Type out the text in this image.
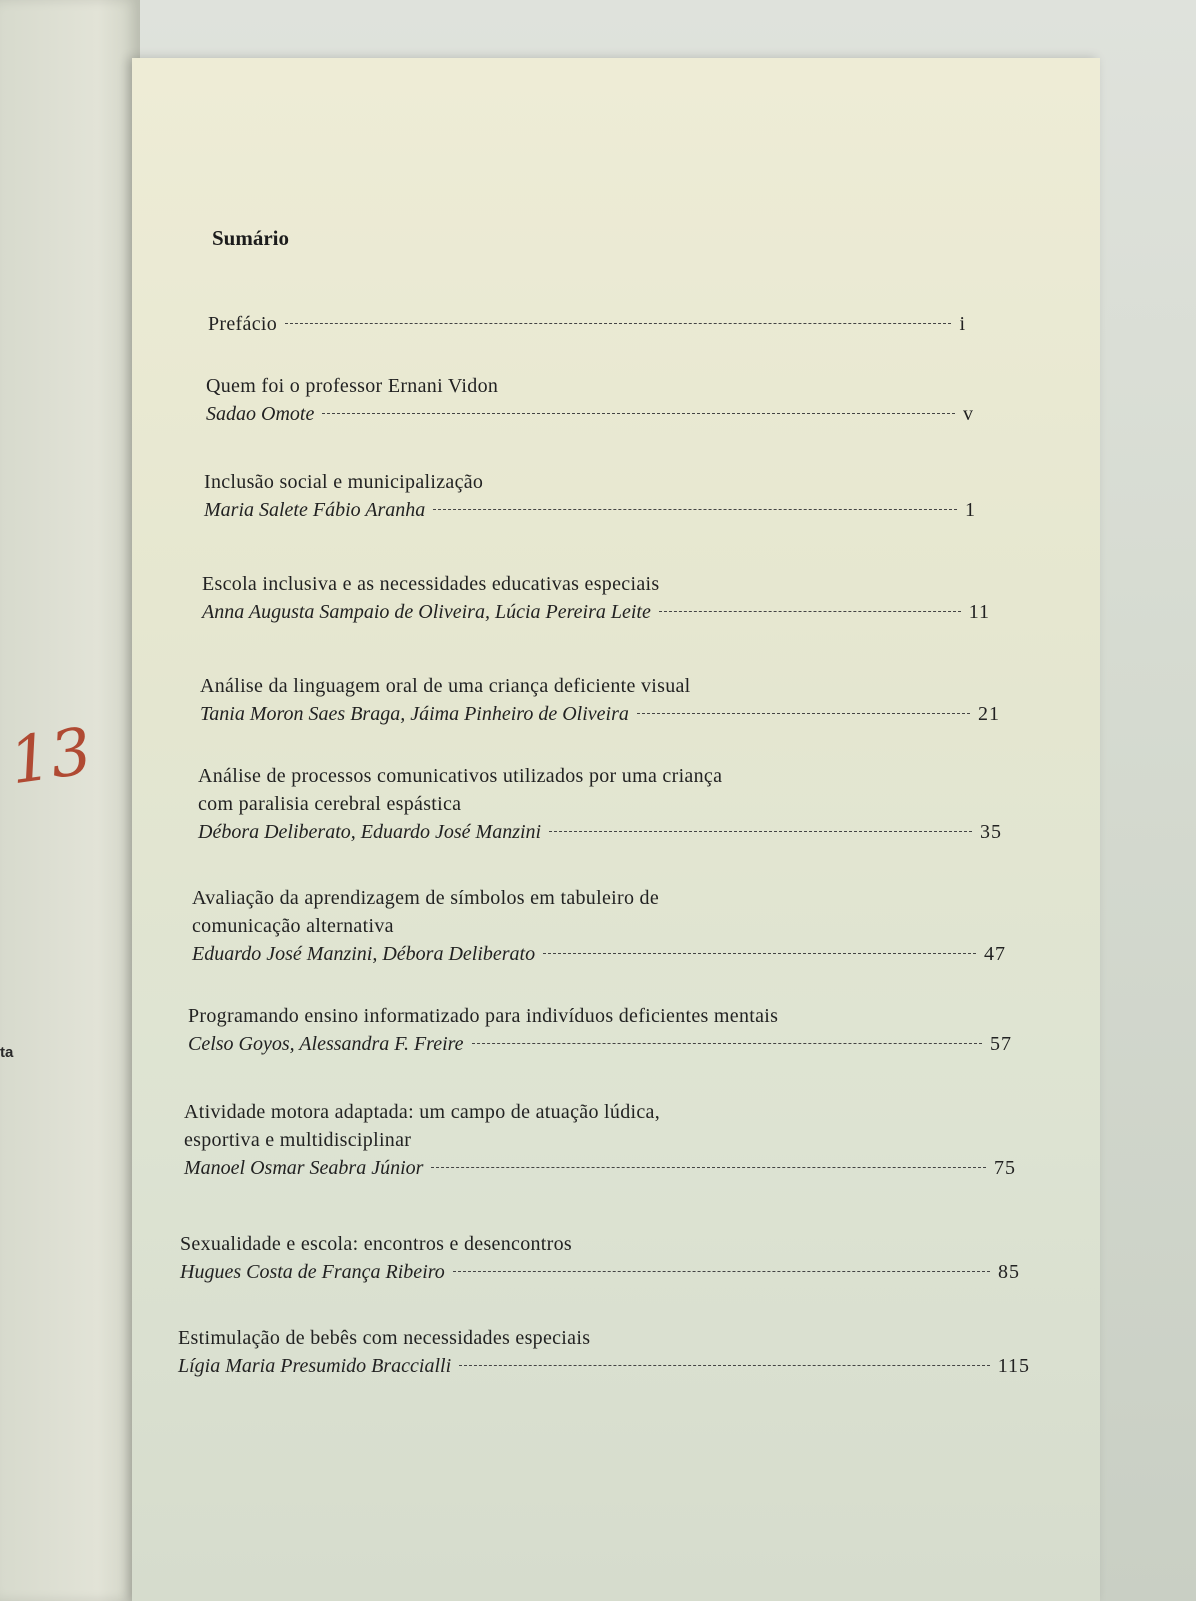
13
ta
Sumário
Prefácio	i
Quem foi o professor Ernani Vidon
Sadao Omote	v
Inclusão social e municipalização
Maria Salete Fábio Aranha	1
Escola inclusiva e as necessidades educativas especiais
Anna Augusta Sampaio de Oliveira, Lúcia Pereira Leite	11
Análise da linguagem oral de uma criança deficiente visual
Tania Moron Saes Braga, Jáima Pinheiro de Oliveira	21
Análise de processos comunicativos utilizados por uma criança
com paralisia cerebral espástica
Débora Deliberato, Eduardo José Manzini	35
Avaliação da aprendizagem de símbolos em tabuleiro de
comunicação alternativa
Eduardo José Manzini, Débora Deliberato	47
Programando ensino informatizado para indivíduos deficientes mentais
Celso Goyos, Alessandra F. Freire	57
Atividade motora adaptada: um campo de atuação lúdica,
esportiva e multidisciplinar
Manoel Osmar Seabra Júnior	75
Sexualidade e escola: encontros e desencontros
Hugues Costa de França Ribeiro	85
Estimulação de bebês com necessidades especiais
Lígia Maria Presumido Braccialli	115
